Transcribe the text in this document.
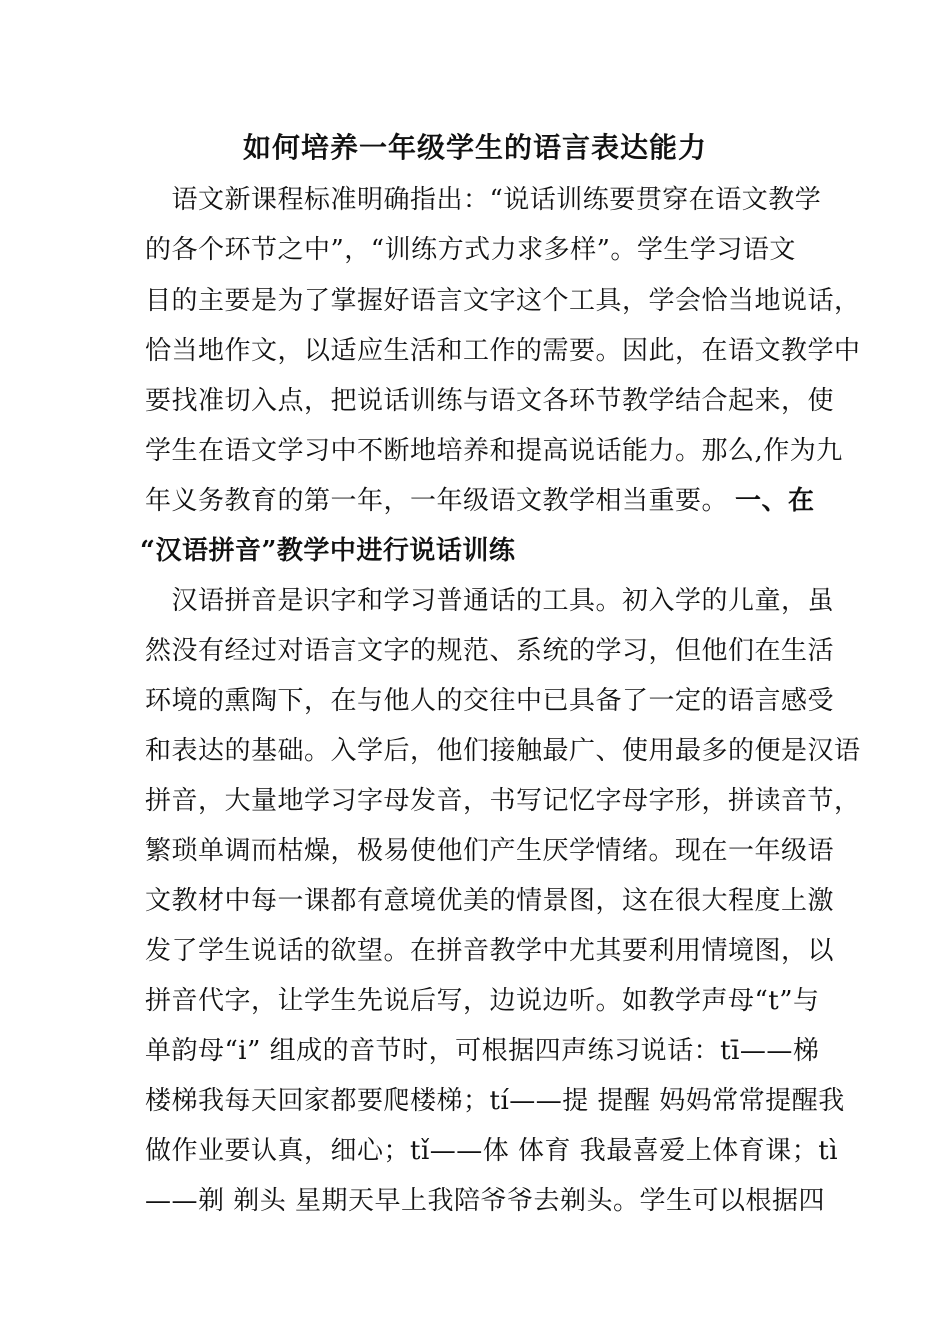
如何培养一年级学生的语言表达能力
　语文新课程标准明确指出：“说话训练要贯穿在语文教学
的各个环节之中”，“训练方式力求多样”。学生学习语文
目的主要是为了掌握好语言文字这个工具，学会恰当地说话，
恰当地作文，以适应生活和工作的需要。因此，在语文教学中
要找准切入点，把说话训练与语文各环节教学结合起来，使
学生在语文学习中不断地培养和提高说话能力。那么,作为九
年义务教育的第一年，一年级语文教学相当重要。 一、在
“汉语拼音”教学中进行说话训练
　汉语拼音是识字和学习普通话的工具。初入学的儿童，虽
然没有经过对语言文字的规范、系统的学习，但他们在生活
环境的熏陶下，在与他人的交往中已具备了一定的语言感受
和表达的基础。入学后，他们接触最广、使用最多的便是汉语
拼音，大量地学习字母发音，书写记忆字母字形，拼读音节，
繁琐单调而枯燥，极易使他们产生厌学情绪。现在一年级语
文教材中每一课都有意境优美的情景图，这在很大程度上激
发了学生说话的欲望。在拼音教学中尤其要利用情境图，以
拼音代字，让学生先说后写，边说边听。如教学声母“t”与
单韵母“i” 组成的音节时，可根据四声练习说话：tī——梯
楼梯我每天回家都要爬楼梯；tí——提 提醒 妈妈常常提醒我
做作业要认真，细心；tǐ——体 体育 我最喜爱上体育课；tì
——剃 剃头 星期天早上我陪爷爷去剃头。学生可以根据四
